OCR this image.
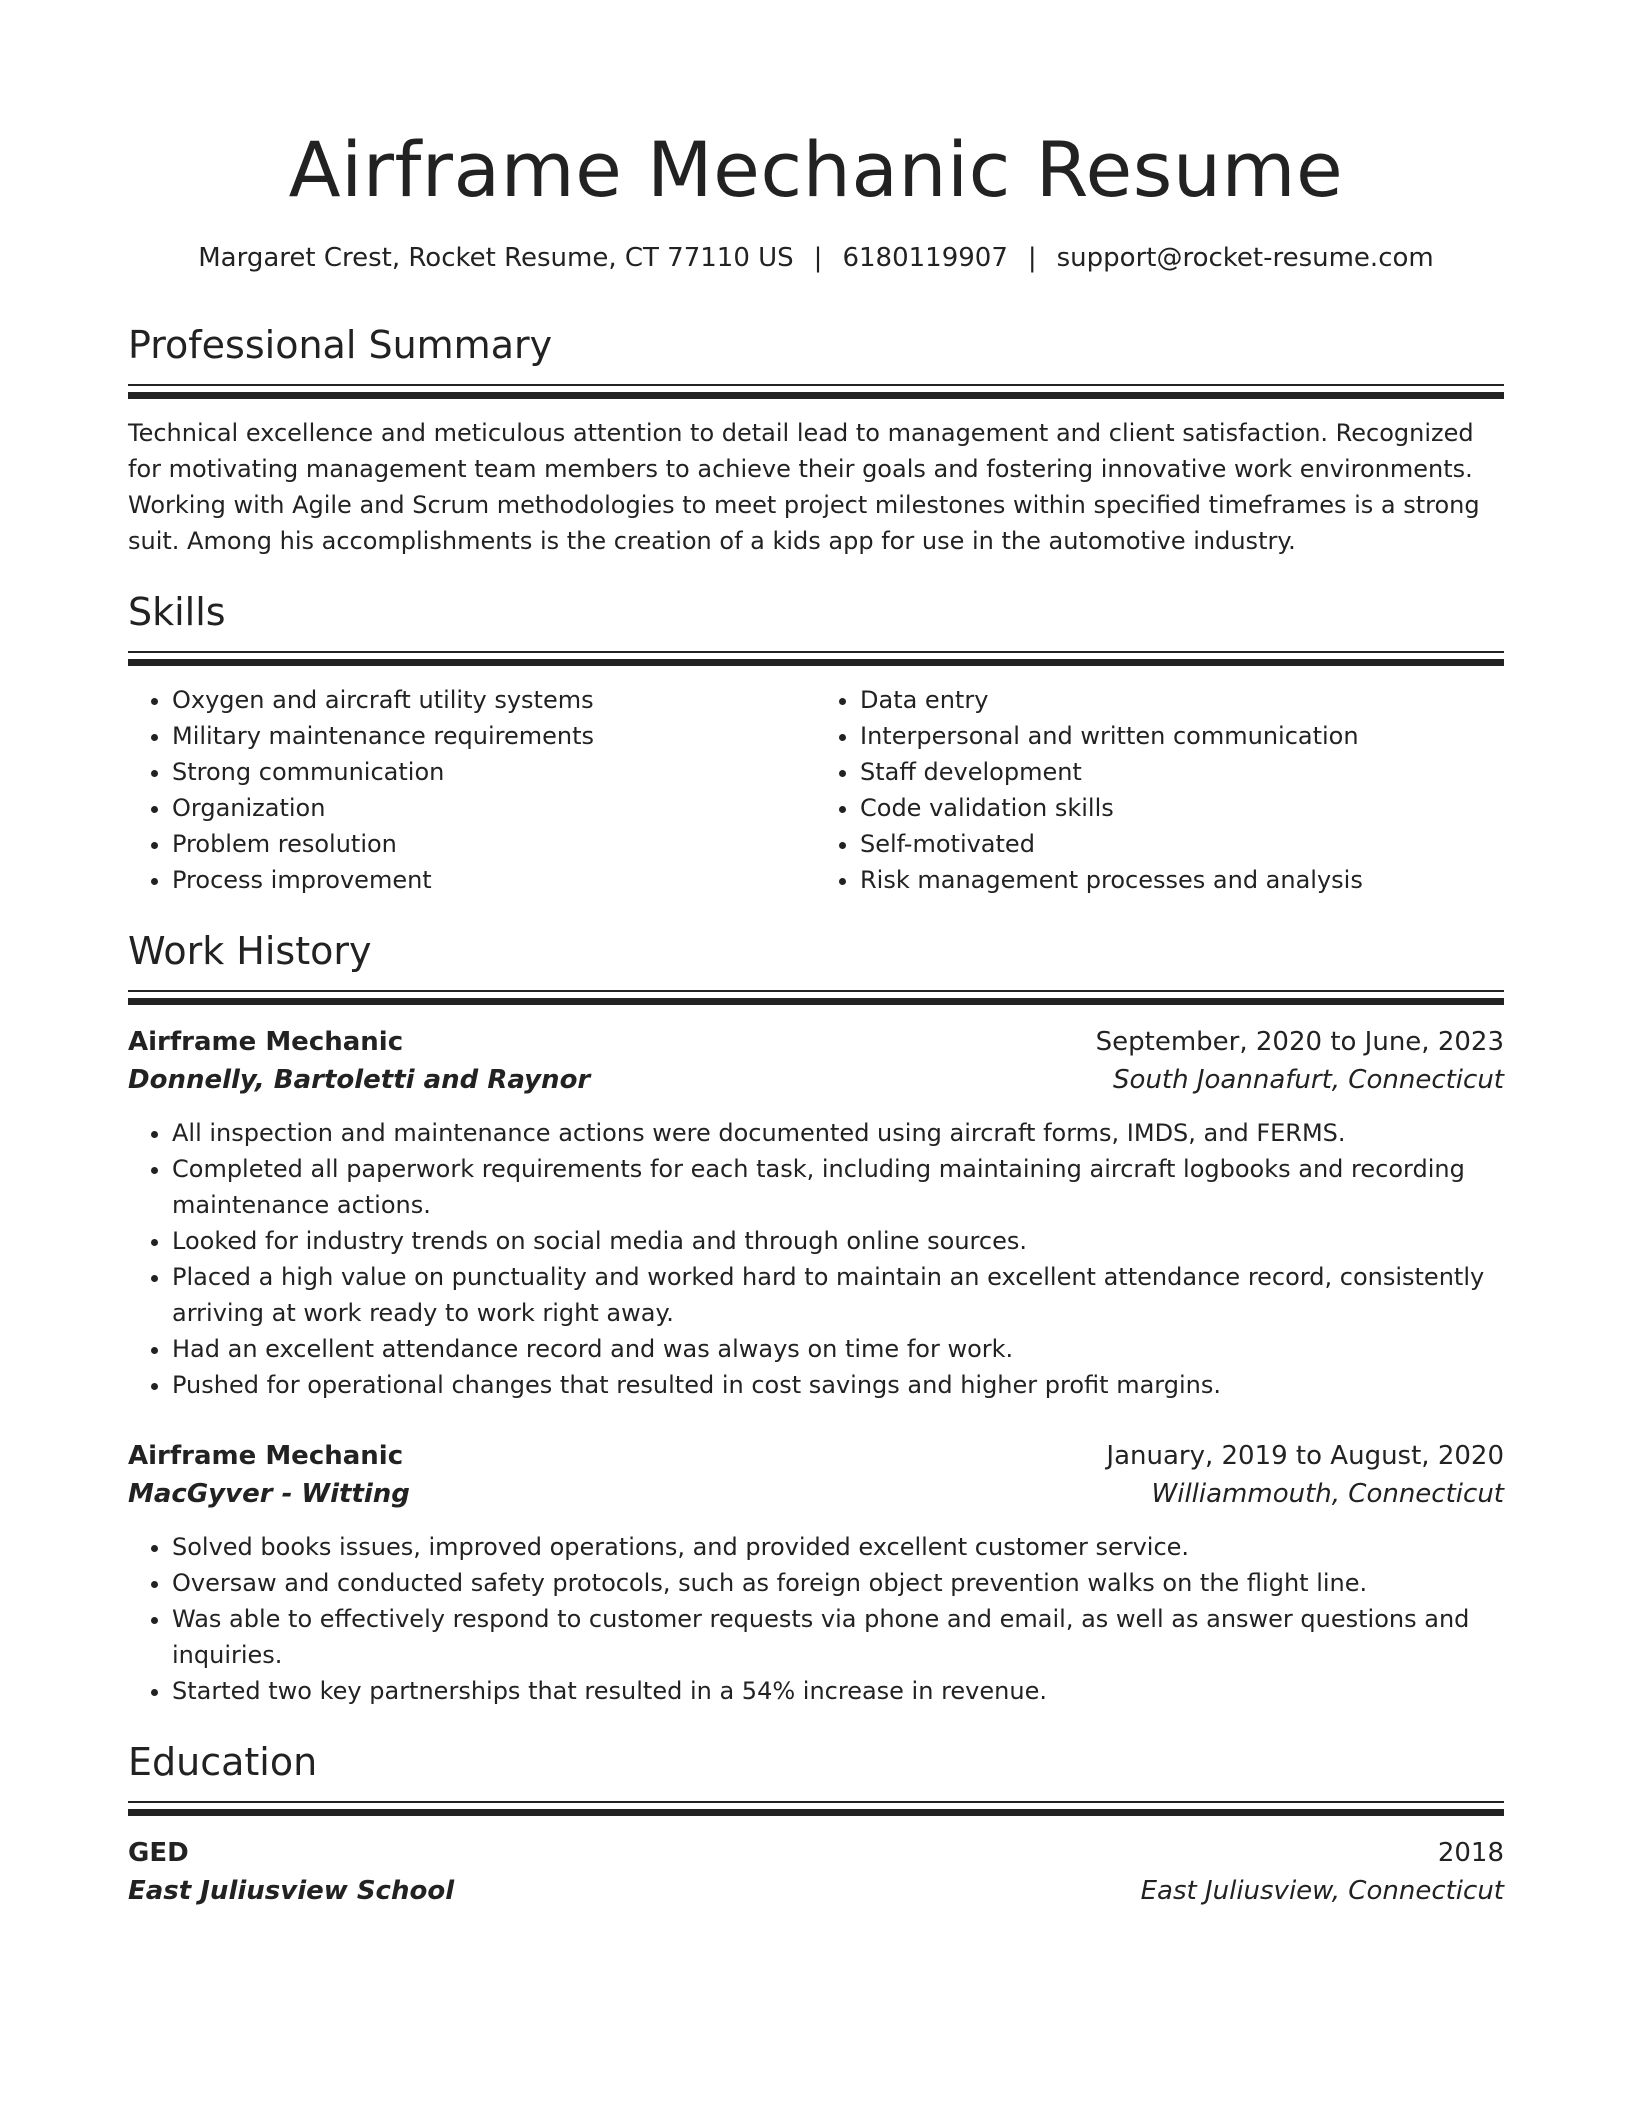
Airframe Mechanic Resume
Margaret Crest, Rocket Resume, CT 77110 US | 6180119907 | support@rocket-resume.com
Professional Summary

Technical excellence and meticulous attention to detail lead to management and client satisfaction. Recognized for motivating management team members to achieve their goals and fostering innovative work environments. Working with Agile and Scrum methodologies to meet project milestones within specified timeframes is a strong suit. Among his accomplishments is the creation of a kids app for use in the automotive industry.

Skills
• Oxygen and aircraft utility systems
• Military maintenance requirements
• Strong communication
• Organization
• Problem resolution
• Process improvement
• Data entry
• Interpersonal and written communication
• Staff development
• Code validation skills
• Self-motivated
• Risk management processes and analysis
Work History
Airframe Mechanic	September, 2020 to June, 2023
Donnelly, Bartoletti and Raynor	South Joannafurt, Connecticut
• All inspection and maintenance actions were documented using aircraft forms, IMDS, and FERMS.
• Completed all paperwork requirements for each task, including maintaining aircraft logbooks and recording maintenance actions.
• Looked for industry trends on social media and through online sources.
• Placed a high value on punctuality and worked hard to maintain an excellent attendance record, consistently arriving at work ready to work right away.
• Had an excellent attendance record and was always on time for work.
• Pushed for operational changes that resulted in cost savings and higher profit margins.
Airframe Mechanic	January, 2019 to August, 2020
MacGyver - Witting	Williammouth, Connecticut
• Solved books issues, improved operations, and provided excellent customer service.
• Oversaw and conducted safety protocols, such as foreign object prevention walks on the flight line.
• Was able to effectively respond to customer requests via phone and email, as well as answer questions and inquiries.
• Started two key partnerships that resulted in a 54% increase in revenue.
Education
GED	2018
East Juliusview School	East Juliusview, Connecticut
